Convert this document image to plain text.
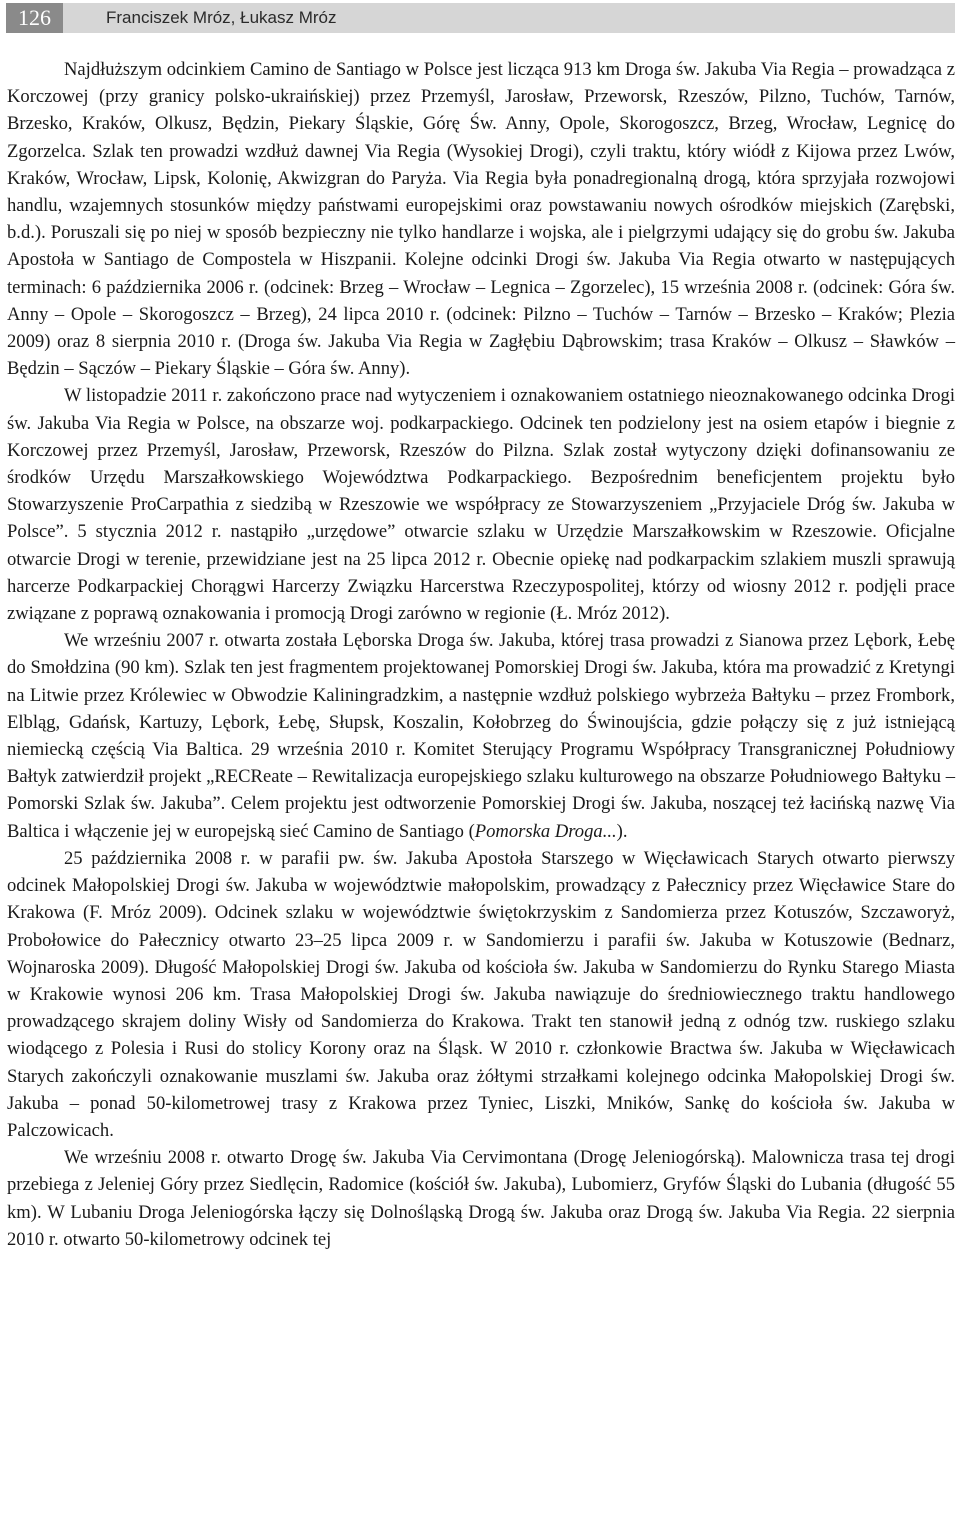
126	Franciszek Mróz, Łukasz Mróz

Najdłuższym odcinkiem Camino de Santiago w Polsce jest licząca 913 km Droga św. Jakuba Via Regia – prowadząca z Korczowej (przy granicy polsko-ukraińskiej) przez Przemyśl, Jarosław, Przeworsk, Rzeszów, Pilzno, Tuchów, Tarnów, Brzesko, Kraków, Olkusz, Będzin, Piekary Śląskie, Górę Św. Anny, Opole, Skorogoszcz, Brzeg, Wrocław, Legnicę do Zgorzelca. Szlak ten prowadzi wzdłuż dawnej Via Regia (Wysokiej Drogi), czyli traktu, który wiódł z Kijowa przez Lwów, Kraków, Wrocław, Lipsk, Kolonię, Akwizgran do Paryża. Via Regia była ponadregionalną drogą, która sprzyjała rozwojowi handlu, wzajemnych stosunków między państwami europejskimi oraz powstawaniu nowych ośrodków miejskich (Zarębski, b.d.). Poruszali się po niej w sposób bezpieczny nie tylko handlarze i wojska, ale i pielgrzymi udający się do grobu św. Jakuba Apostoła w Santiago de Compostela w Hiszpanii. Kolejne odcinki Drogi św. Jakuba Via Regia otwarto w następujących terminach: 6 października 2006 r. (odcinek: Brzeg – Wrocław – Legnica – Zgorzelec), 15 września 2008 r. (odcinek: Góra św. Anny – Opole – Skorogoszcz – Brzeg), 24 lipca 2010 r. (odcinek: Pilzno – Tuchów – Tarnów – Brzesko – Kraków; Plezia 2009) oraz 8 sierpnia 2010 r. (Droga św. Jakuba Via Regia w Zagłębiu Dąbrowskim; trasa Kraków – Olkusz – Sławków – Będzin – Sączów – Piekary Śląskie – Góra św. Anny).

W listopadzie 2011 r. zakończono prace nad wytyczeniem i oznakowaniem ostatniego nieoznakowanego odcinka Drogi św. Jakuba Via Regia w Polsce, na obszarze woj. podkarpackiego. Odcinek ten podzielony jest na osiem etapów i biegnie z Korczowej przez Przemyśl, Jarosław, Przeworsk, Rzeszów do Pilzna. Szlak został wytyczony dzięki dofinansowaniu ze środków Urzędu Marszałkowskiego Województwa Podkarpackiego. Bezpośrednim beneficjentem projektu było Stowarzyszenie ProCarpathia z siedzibą w Rzeszowie we współpracy ze Stowarzyszeniem „Przyjaciele Dróg św. Jakuba w Polsce”. 5 stycznia 2012 r. nastąpiło „urzędowe” otwarcie szlaku w Urzędzie Marszałkowskim w Rzeszowie. Oficjalne otwarcie Drogi w terenie, przewidziane jest na 25 lipca 2012 r. Obecnie opiekę nad podkarpackim szlakiem muszli sprawują harcerze Podkarpackiej Chorągwi Harcerzy Związku Harcerstwa Rzeczypospolitej, którzy od wiosny 2012 r. podjęli prace związane z poprawą oznakowania i promocją Drogi zarówno w regionie (Ł. Mróz 2012).

We wrześniu 2007 r. otwarta została Lęborska Droga św. Jakuba, której trasa prowadzi z Sianowa przez Lębork, Łebę do Smołdzina (90 km). Szlak ten jest fragmentem projektowanej Pomorskiej Drogi św. Jakuba, która ma prowadzić z Kretyngi na Litwie przez Królewiec w Obwodzie Kaliningradzkim, a następnie wzdłuż polskiego wybrzeża Bałtyku – przez Frombork, Elbląg, Gdańsk, Kartuzy, Lębork, Łebę, Słupsk, Koszalin, Kołobrzeg do Świnoujścia, gdzie połączy się z już istniejącą niemiecką częścią Via Baltica. 29 września 2010 r. Komitet Sterujący Programu Współpracy Transgranicznej Południowy Bałtyk zatwierdził projekt „RECReate – Rewitalizacja europejskiego szlaku kulturowego na obszarze Południowego Bałtyku – Pomorski Szlak św. Jakuba”. Celem projektu jest odtworzenie Pomorskiej Drogi św. Jakuba, noszącej też łacińską nazwę Via Baltica i włączenie jej w europejską sieć Camino de Santiago (Pomorska Droga...).

25 października 2008 r. w parafii pw. św. Jakuba Apostoła Starszego w Więcławicach Starych otwarto pierwszy odcinek Małopolskiej Drogi św. Jakuba w województwie małopolskim, prowadzący z Pałecznicy przez Więcławice Stare do Krakowa (F. Mróz 2009). Odcinek szlaku w województwie świętokrzyskim z Sandomierza przez Kotuszów, Szczaworyż, Probołowice do Pałecznicy otwarto 23–25 lipca 2009 r. w Sandomierzu i parafii św. Jakuba w Kotuszowie (Bednarz, Wojnaroska 2009). Długość Małopolskiej Drogi św. Jakuba od kościoła św. Jakuba w Sandomierzu do Rynku Starego Miasta w Krakowie wynosi 206 km. Trasa Małopolskiej Drogi św. Jakuba nawiązuje do średniowiecznego traktu handlowego prowadzącego skrajem doliny Wisły od Sandomierza do Krakowa. Trakt ten stanowił jedną z odnóg tzw. ruskiego szlaku wiodącego z Polesia i Rusi do stolicy Korony oraz na Śląsk. W 2010 r. członkowie Bractwa św. Jakuba w Więcławicach Starych zakończyli oznakowanie muszlami św. Jakuba oraz żółtymi strzałkami kolejnego odcinka Małopolskiej Drogi św. Jakuba – ponad 50-kilometrowej trasy z Krakowa przez Tyniec, Liszki, Mników, Sankę do kościoła św. Jakuba w Palczowicach.

We wrześniu 2008 r. otwarto Drogę św. Jakuba Via Cervimontana (Drogę Jeleniogórską). Malownicza trasa tej drogi przebiega z Jeleniej Góry przez Siedlęcin, Radomice (kościół św. Jakuba), Lubomierz, Gryfów Śląski do Lubania (długość 55 km). W Lubaniu Droga Jeleniogórska łączy się Dolnośląską Drogą św. Jakuba oraz Drogą św. Jakuba Via Regia. 22 sierpnia 2010 r. otwarto 50-kilometrowy odcinek tej
